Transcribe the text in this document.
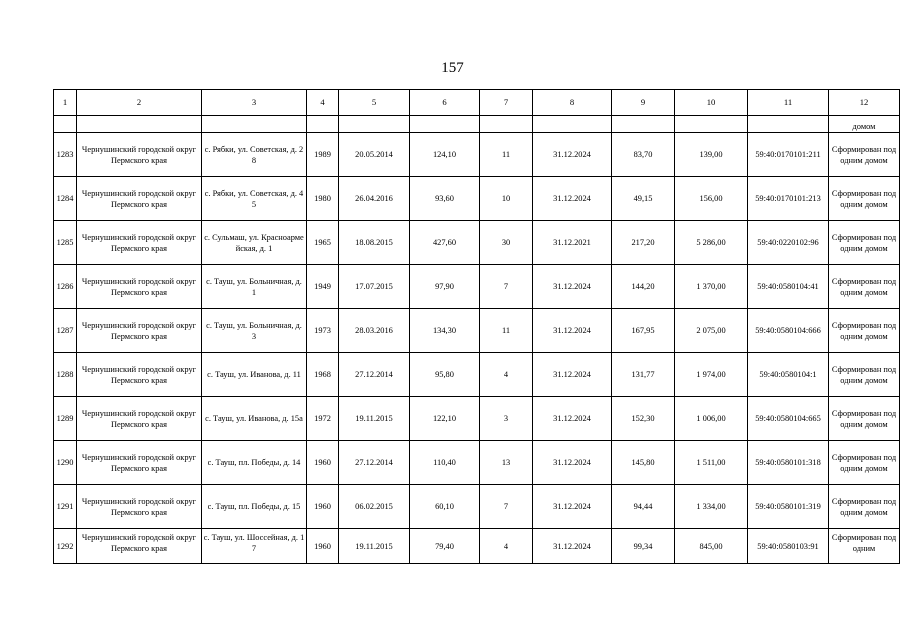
157
1	2	3	4	5	6	7	8	9	10	11	12
											домом
1283	Чернушинский городской округ Пермского края	с. Рябки, ул. Советская, д. 28	1989	20.05.2014	124,10	11	31.12.2024	83,70	139,00	59:40:0170101:211	Сформирован под одним домом
1284	Чернушинский городской округ Пермского края	с. Рябки, ул. Советская, д. 45	1980	26.04.2016	93,60	10	31.12.2024	49,15	156,00	59:40:0170101:213	Сформирован под одним домом
1285	Чернушинский городской округ Пермского края	с. Сульмаш, ул. Красноармейская, д. 1	1965	18.08.2015	427,60	30	31.12.2021	217,20	5 286,00	59:40:0220102:96	Сформирован под одним домом
1286	Чернушинский городской округ Пермского края	с. Тауш, ул. Больничная, д. 1	1949	17.07.2015	97,90	7	31.12.2024	144,20	1 370,00	59:40:0580104:41	Сформирован под одним домом
1287	Чернушинский городской округ Пермского края	с. Тауш, ул. Больничная, д. 3	1973	28.03.2016	134,30	11	31.12.2024	167,95	2 075,00	59:40:0580104:666	Сформирован под одним домом
1288	Чернушинский городской округ Пермского края	с. Тауш, ул. Иванова, д. 11	1968	27.12.2014	95,80	4	31.12.2024	131,77	1 974,00	59:40:0580104:1	Сформирован под одним домом
1289	Чернушинский городской округ Пермского края	с. Тауш, ул. Иванова, д. 15а	1972	19.11.2015	122,10	3	31.12.2024	152,30	1 006,00	59:40:0580104:665	Сформирован под одним домом
1290	Чернушинский городской округ Пермского края	с. Тауш, пл. Победы, д. 14	1960	27.12.2014	110,40	13	31.12.2024	145,80	1 511,00	59:40:0580101:318	Сформирован под одним домом
1291	Чернушинский городской округ Пермского края	с. Тауш, пл. Победы, д. 15	1960	06.02.2015	60,10	7	31.12.2024	94,44	1 334,00	59:40:0580101:319	Сформирован под одним домом
1292	Чернушинский городской округ Пермского края	с. Тауш, ул. Шоссейная, д. 17	1960	19.11.2015	79,40	4	31.12.2024	99,34	845,00	59:40:0580103:91	Сформирован под одним
